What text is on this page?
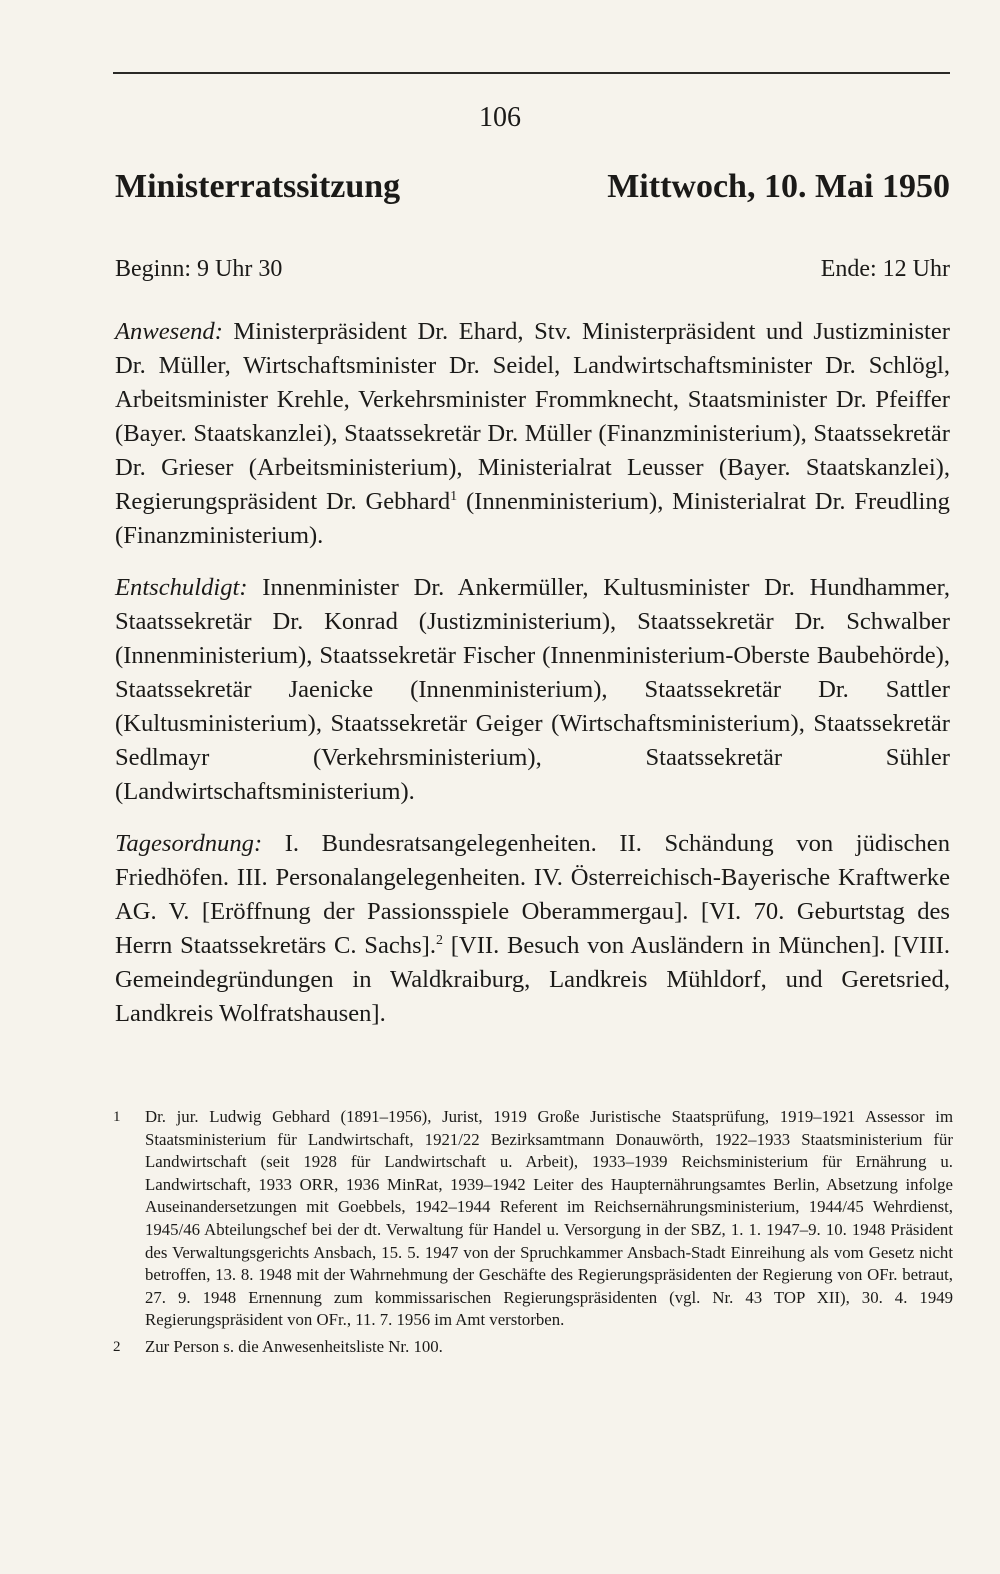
106
Ministerratssitzung	Mittwoch, 10. Mai 1950
Beginn: 9 Uhr 30	Ende: 12 Uhr

Anwesend: Ministerpräsident Dr. Ehard, Stv. Ministerpräsident und Justizminister Dr. Müller, Wirtschaftsminister Dr. Seidel, Landwirtschaftsminister Dr. Schlögl, Arbeitsminister Krehle, Verkehrsminister Frommknecht, Staatsminister Dr. Pfeiffer (Bayer. Staatskanzlei), Staatssekretär Dr. Müller (Finanzministerium), Staatssekretär Dr. Grieser (Arbeitsministerium), Ministerialrat Leusser (Bayer. Staatskanzlei), Regierungspräsident Dr. Gebhard$^1$ (Innenministerium), Ministerialrat Dr. Freudling (Finanzministerium).

Entschuldigt: Innenminister Dr. Ankermüller, Kultusminister Dr. Hundhammer, Staatssekretär Dr. Konrad (Justizministerium), Staatssekretär Dr. Schwalber (Innenministerium), Staatssekretär Fischer (Innenministerium-Oberste Baubehörde), Staatssekretär Jaenicke (Innenministerium), Staatssekretär Dr. Sattler (Kultusministerium), Staatssekretär Geiger (Wirtschaftsministerium), Staatssekretär Sedlmayr (Verkehrsministerium), Staatssekretär Sühler (Landwirtschaftsministerium).

Tagesordnung: I. Bundesratsangelegenheiten. II. Schändung von jüdischen Friedhöfen. III. Personalangelegenheiten. IV. Österreichisch-Bayerische Kraftwerke AG. V. [Eröffnung der Passionsspiele Oberammergau]. [VI. 70. Geburtstag des Herrn Staatssekretärs C. Sachs].$^2$ [VII. Besuch von Ausländern in München]. [VIII. Gemeindegründungen in Waldkraiburg, Landkreis Mühldorf, und Geretsried, Landkreis Wolfratshausen].

1	Dr. jur. Ludwig Gebhard (1891–1956), Jurist, 1919 Große Juristische Staatsprüfung, 1919–1921 Assessor im Staatsministerium für Landwirtschaft, 1921/22 Bezirksamtmann Donauwörth, 1922–1933 Staatsministerium für Landwirtschaft (seit 1928 für Landwirtschaft u. Arbeit), 1933–1939 Reichsministerium für Ernährung u. Landwirtschaft, 1933 ORR, 1936 MinRat, 1939–1942 Leiter des Hauptern​ährungsamtes Berlin, Absetzung infolge Auseinandersetzungen mit Goebbels, 1942–1944 Referent im Reichsernährungsministerium, 1944/45 Wehrdienst, 1945/46 Abteilungschef bei der dt. Verwaltung für Handel u. Versorgung in der SBZ, 1. 1. 1947–9. 10. 1948 Präsident des Verwaltungsgerichts Ansbach, 15. 5. 1947 von der Spruchkammer Ansbach-Stadt Einreihung als vom Gesetz nicht betroffen, 13. 8. 1948 mit der Wahrnehmung der Geschäfte des Regierungspräsidenten der Regierung von OFr. betraut, 27. 9. 1948 Ernennung zum kommissarischen Regierungspräsidenten (vgl. Nr. 43 TOP XII), 30. 4. 1949 Regierungspräsident von OFr., 11. 7. 1956 im Amt verstorben.
2	Zur Person s. die Anwesenheitsliste Nr. 100.
